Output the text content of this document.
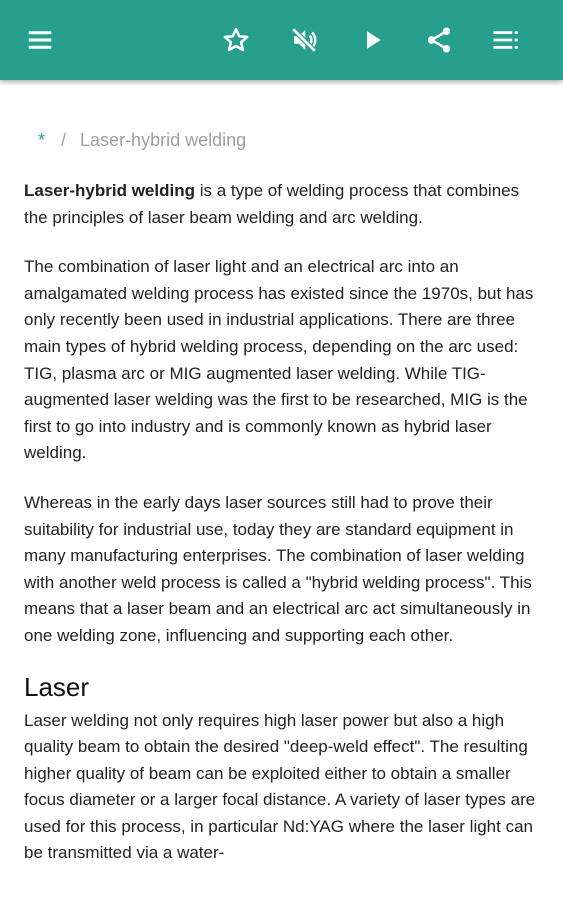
* / Laser-hybrid welding

Laser-hybrid welding is a type of welding process that combines the principles of laser beam welding and arc welding.

The combination of laser light and an electrical arc into an amalgamated welding process has existed since the 1970s, but has only recently been used in industrial applications. There are three main types of hybrid welding process, depending on the arc used: TIG, plasma arc or MIG augmented laser welding. While TIG-augmented laser welding was the first to be researched, MIG is the first to go into industry and is commonly known as hybrid laser welding.

Whereas in the early days laser sources still had to prove their suitability for industrial use, today they are standard equipment in many manufacturing enterprises. The combination of laser welding with another weld process is called a "hybrid welding process". This means that a laser beam and an electrical arc act simultaneously in one welding zone, influencing and supporting each other.

Laser

Laser welding not only requires high laser power but also a high quality beam to obtain the desired "deep-weld effect". The resulting higher quality of beam can be exploited either to obtain a smaller focus diameter or a larger focal distance. A variety of laser types are used for this process, in particular Nd:YAG where the laser light can be transmitted via a water-
